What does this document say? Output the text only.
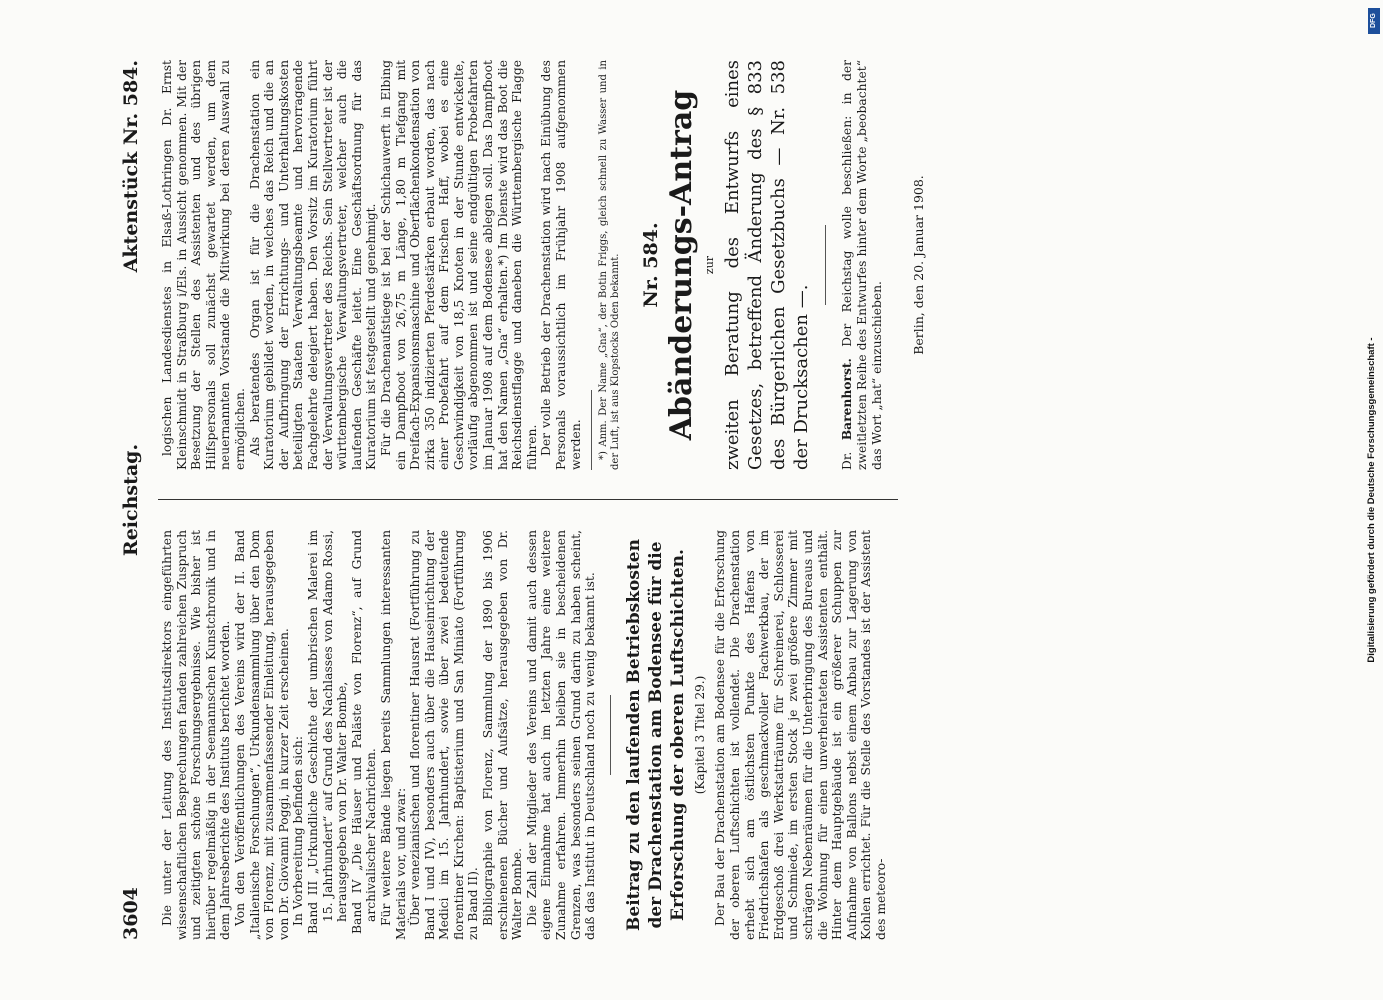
3604
Reichstag.
Aktenstück Nr. 584.

Die unter der Leitung des Institutsdirektors eingeführten wissenschaftlichen Besprechungen fanden zahlreichen Zuspruch und zeitigten schöne Forschungsergebnisse. Wie bisher ist hierüber regelmäßig in der Seemannschen Kunstchronik und in dem Jahresberichte des Instituts berichtet worden. Von den Veröffentlichungen des Vereins wird der II. Band „Italienische Forschungen“, Urkundensammlung über den Dom von Florenz, mit zusammenfassender Einleitung, herausgegeben von Dr. Giovanni Poggi, in kurzer Zeit erscheinen. In Vorbereitung befinden sich: Band III „Urkundliche Geschichte der umbrischen Malerei im 15. Jahrhundert“ auf Grund des Nachlasses von Adamo Rossi, herausgegeben von Dr. Walter Bombe, Band IV „Die Häuser und Paläste von Florenz“, auf Grund archivalischer Nachrichten. Für weitere Bände liegen bereits Sammlungen interessanten Materials vor, und zwar: Über venezianischen und florentiner Hausrat (Fortführung zu Band I und IV), besonders auch über die Hauseinrichtung der Medici im 15. Jahrhundert, sowie über zwei bedeutende florentiner Kirchen: Baptisterium und San Miniato (Fortführung zu Band II). Bibliographie von Florenz, Sammlung der 1890 bis 1906 erschienenen Bücher und Aufsätze, herausgegeben von Dr. Walter Bombe. Die Zahl der Mitglieder des Vereins und damit auch dessen eigene Einnahme hat auch im letzten Jahre eine weitere Zunahme erfahren. Immerhin bleiben sie in bescheidenen Grenzen, was besonders seinen Grund darin zu haben scheint, daß das Institut in Deutschland noch zu wenig bekannt ist. Beitrag zu den laufenden Betriebskosten der Drachenstation am Bodensee für die Erforschung der oberen Luftschichten. (Kapitel 3 Titel 29.) Der Bau der Drachenstation am Bodensee für die Erforschung der oberen Luftschichten ist vollendet. Die Drachenstation erhebt sich am östlichsten Punkte des Hafens von Friedrichshafen als geschmackvoller Fachwerkbau, der im Erdgeschoß drei Werkstatträume für Schreinerei, Schlosserei und Schmiede, im ersten Stock je zwei größere Zimmer mit schrägen Nebenräumen für die Unterbringung des Bureaus und die Wohnung für einen unverheirateten Assistenten enthält. Hinter dem Hauptgebäude ist ein größerer Schuppen zur Aufnahme von Ballons nebst einem Anbau zur Lagerung von Kohlen errichtet. Für die Stelle des Vorstandes ist der Assistent des meteoro-

logischen Landesdienstes in Elsaß-Lothringen Dr. Ernst Kleinschmidt in Straßburg i/Els. in Aussicht genommen. Mit der Besetzung der Stellen des Assistenten und des übrigen Hilfspersonals soll zunächst gewartet werden, um dem neuernannten Vorstande die Mitwirkung bei deren Auswahl zu ermöglichen. Als beratendes Organ ist für die Drachenstation ein Kuratorium gebildet worden, in welches das Reich und die an der Aufbringung der Errichtungs- und Unterhaltungskosten beteiligten Staaten Verwaltungsbeamte und hervorragende Fachgelehrte delegiert haben. Den Vorsitz im Kuratorium führt der Verwaltungsvertreter des Reichs. Sein Stellvertreter ist der württembergische Verwaltungsvertreter, welcher auch die laufenden Geschäfte leitet. Eine Geschäftsordnung für das Kuratorium ist festgestellt und genehmigt. Für die Drachenaufstiege ist bei der Schichauwerft in Elbing ein Dampfboot von 26,75 m Länge, 1,80 m Tiefgang mit Dreifach-Expansionsmaschine und Oberflächenkondensation von zirka 350 indizierten Pferdestärken erbaut worden, das nach einer Probefahrt auf dem Frischen Haff, wobei es eine Geschwindigkeit von 18,5 Knoten in der Stunde entwickelte, vorläufig abgenommen ist und seine endgültigen Probefahrten im Januar 1908 auf dem Bodensee ablegen soll. Das Dampfboot hat den Namen „Gna“ erhalten.*) Im Dienste wird das Boot die Reichsdienstflagge und daneben die Württembergische Flagge führen. Der volle Betrieb der Drachenstation wird nach Einübung des Personals voraussichtlich im Frühjahr 1908 aufgenommen werden. *) Anm. Der Name „Gna“, der Botin Friggs, gleich schnell zu Wasser und in der Luft, ist aus Klopstocks Oden bekannt. Nr. 584. Abänderungs-Antrag zur zweiten Beratung des Entwurfs eines Gesetzes, betreffend Änderung des § 833 des Bürgerlichen Gesetzbuchs — Nr. 538 der Drucksachen —. Dr. Barenhorst. Der Reichstag wolle beschließen: in der zweitletzten Reihe des Entwurfes hinter dem Worte „beobachtet“ das Wort „hat“ einzuschieben.
Berlin, den 20. Januar 1908.
Digitalisierung gefördert durch die Deutsche Forschungsgemeinschaft -
DFG
